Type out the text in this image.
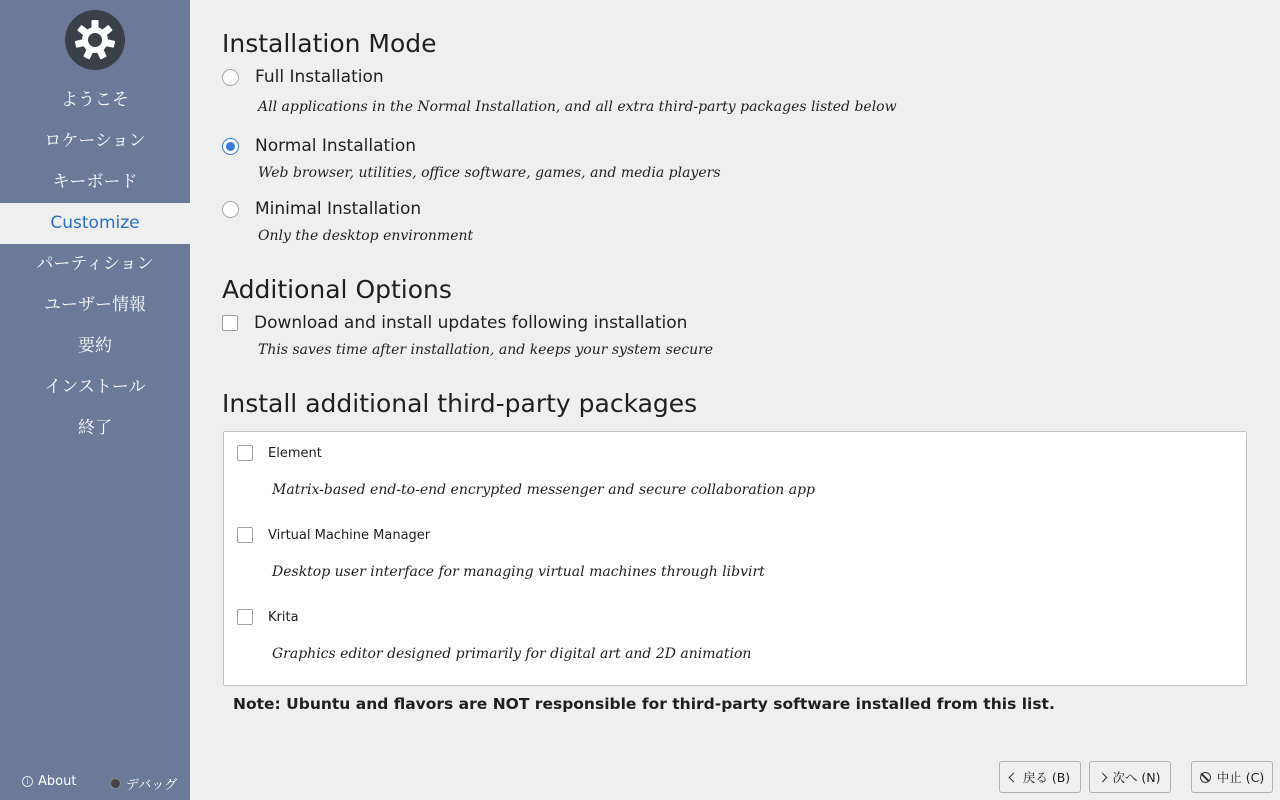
ようこそ
ロケーション
キーボード
Customize
パーティション
ユーザー情報
要約
インストール
終了
i About	デバッグ
Installation Mode
Full Installation
All applications in the Normal Installation, and all extra third-party packages listed below
Normal Installation
Web browser, utilities, office software, games, and media players
Minimal Installation
Only the desktop environment
Additional Options
Download and install updates following installation
This saves time after installation, and keeps your system secure
Install additional third-party packages
Element
Matrix-based end-to-end encrypted messenger and secure collaboration app
Virtual Machine Manager
Desktop user interface for managing virtual machines through libvirt
Krita
Graphics editor designed primarily for digital art and 2D animation
Note: Ubuntu and flavors are NOT responsible for third-party software installed from this list.
戻る (B)	次へ (N)	中止 (C)
